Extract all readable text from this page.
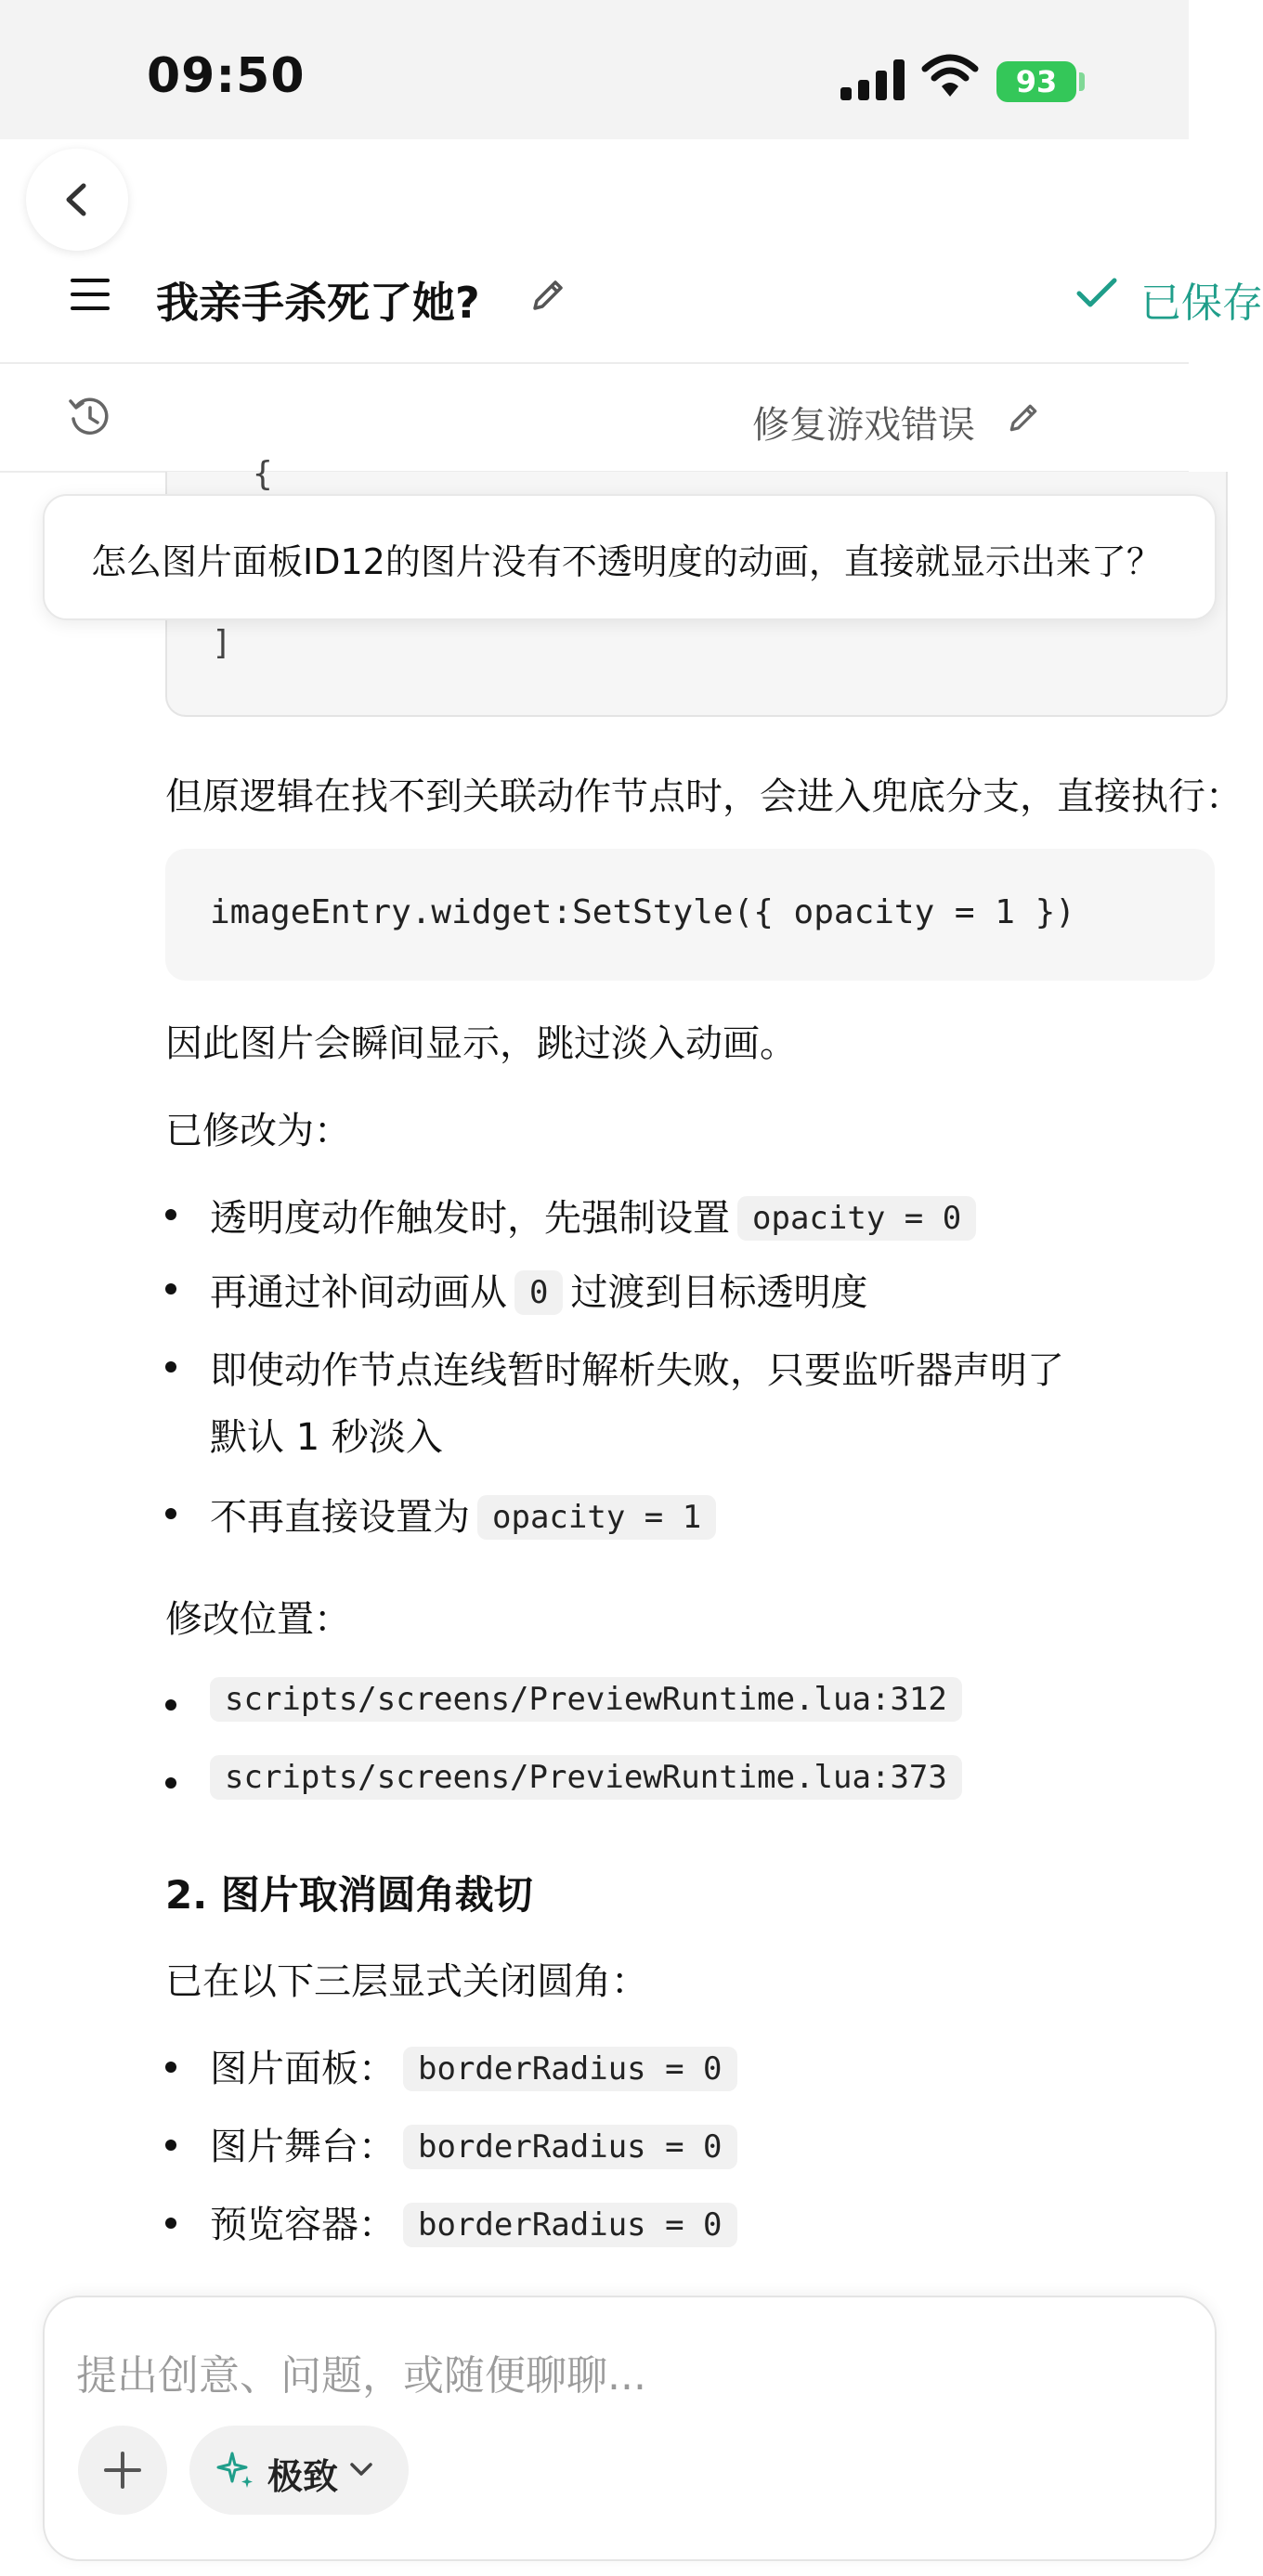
09:50	93
我亲手杀死了她?	已保存
修复游戏错误
{
]
怎么图片面板ID12的图片没有不透明度的动画，直接就显示出来了？
但原逻辑在找不到关联动作节点时，会进入兜底分支，直接执行：
imageEntry.widget:SetStyle({ opacity = 1 })
因此图片会瞬间显示，跳过淡入动画。
已修改为：
透明度动作触发时，先强制设置 opacity = 0
再通过补间动画从 0 过渡到目标透明度
即使动作节点连线暂时解析失败，只要监听器声明了
默认 1 秒淡入
不再直接设置为 opacity = 1
修改位置：
scripts/screens/PreviewRuntime.lua:312
scripts/screens/PreviewRuntime.lua:373
2. 图片取消圆角裁切
已在以下三层显式关闭圆角：
图片面板： borderRadius = 0
图片舞台： borderRadius = 0
预览容器： borderRadius = 0
提出创意、问题，或随便聊聊...
极致
